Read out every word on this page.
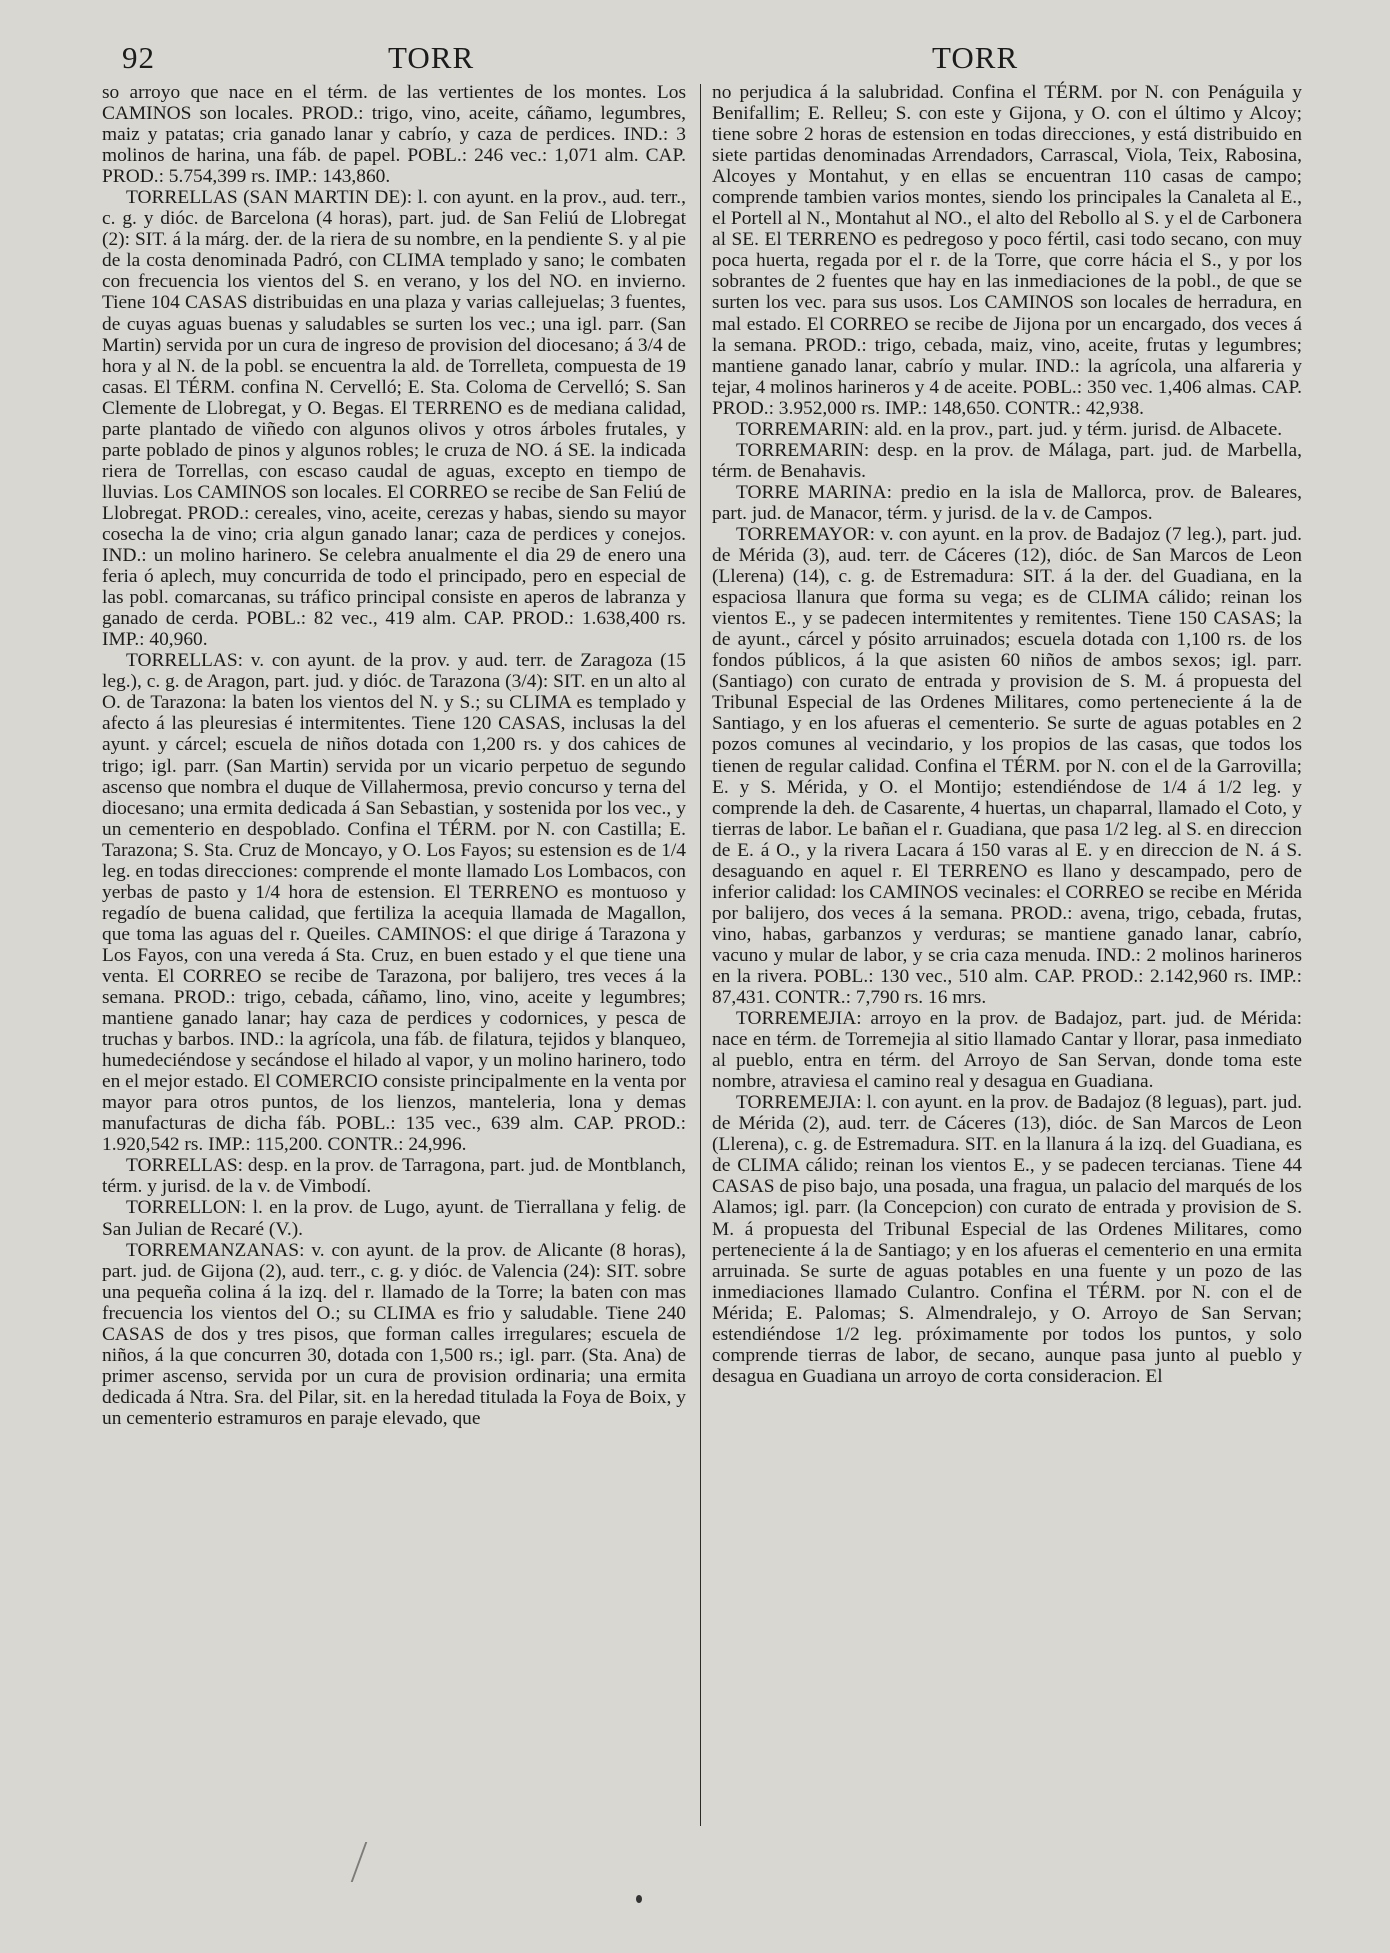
92	TORR	TORR

so arroyo que nace en el térm. de las vertientes de los montes. Los CAMINOS son locales. PROD.: trigo, vino, aceite, cáñamo, legumbres, maiz y patatas; cria ganado lanar y cabrío, y caza de perdices. IND.: 3 molinos de harina, una fáb. de papel. POBL.: 246 vec.: 1,071 alm. CAP. PROD.: 5.754,399 rs. IMP.: 143,860.

TORRELLAS (SAN MARTIN DE): l. con ayunt. en la prov., aud. terr., c. g. y dióc. de Barcelona (4 horas), part. jud. de San Feliú de Llobregat (2): SIT. á la márg. der. de la riera de su nombre, en la pendiente S. y al pie de la costa denominada Padró, con CLIMA templado y sano; le combaten con frecuencia los vientos del S. en verano, y los del NO. en invierno. Tiene 104 CASAS distribuidas en una plaza y varias callejuelas; 3 fuentes, de cuyas aguas buenas y saludables se surten los vec.; una igl. parr. (San Martin) servida por un cura de ingreso de provision del diocesano; á 3/4 de hora y al N. de la pobl. se encuentra la ald. de Torrelleta, compuesta de 19 casas. El TÉRM. confina N. Cervelló; E. Sta. Coloma de Cervelló; S. San Clemente de Llobregat, y O. Begas. El TERRENO es de mediana calidad, parte plantado de viñedo con algunos olivos y otros árboles frutales, y parte poblado de pinos y algunos robles; le cruza de NO. á SE. la indicada riera de Torrellas, con escaso caudal de aguas, excepto en tiempo de lluvias. Los CAMINOS son locales. El CORREO se recibe de San Feliú de Llobregat. PROD.: cereales, vino, aceite, cerezas y habas, siendo su mayor cosecha la de vino; cria algun ganado lanar; caza de perdices y conejos. IND.: un molino harinero. Se celebra anualmente el dia 29 de enero una feria ó aplech, muy concurrida de todo el principado, pero en especial de las pobl. comarcanas, su tráfico principal consiste en aperos de labranza y ganado de cerda. POBL.: 82 vec., 419 alm. CAP. PROD.: 1.638,400 rs. IMP.: 40,960.

TORRELLAS: v. con ayunt. de la prov. y aud. terr. de Zaragoza (15 leg.), c. g. de Aragon, part. jud. y dióc. de Tarazona (3/4): SIT. en un alto al O. de Tarazona: la baten los vientos del N. y S.; su CLIMA es templado y afecto á las pleuresias é intermitentes. Tiene 120 CASAS, inclusas la del ayunt. y cárcel; escuela de niños dotada con 1,200 rs. y dos cahices de trigo; igl. parr. (San Martin) servida por un vicario perpetuo de segundo ascenso que nombra el duque de Villahermosa, previo concurso y terna del diocesano; una ermita dedicada á San Sebastian, y sostenida por los vec., y un cementerio en despoblado. Confina el TÉRM. por N. con Castilla; E. Tarazona; S. Sta. Cruz de Moncayo, y O. Los Fayos; su estension es de 1/4 leg. en todas direcciones: comprende el monte llamado Los Lombacos, con yerbas de pasto y 1/4 hora de estension. El TERRENO es montuoso y regadío de buena calidad, que fertiliza la acequia llamada de Magallon, que toma las aguas del r. Queiles. CAMINOS: el que dirige á Tarazona y Los Fayos, con una vereda á Sta. Cruz, en buen estado y el que tiene una venta. El CORREO se recibe de Tarazona, por balijero, tres veces á la semana. PROD.: trigo, cebada, cáñamo, lino, vino, aceite y legumbres; mantiene ganado lanar; hay caza de perdices y codornices, y pesca de truchas y barbos. IND.: la agrícola, una fáb. de filatura, tejidos y blanqueo, humedeciéndose y secándose el hilado al vapor, y un molino harinero, todo en el mejor estado. El COMERCIO consiste principalmente en la venta por mayor para otros puntos, de los lienzos, manteleria, lona y demas manufacturas de dicha fáb. POBL.: 135 vec., 639 alm. CAP. PROD.: 1.920,542 rs. IMP.: 115,200. CONTR.: 24,996.

TORRELLAS: desp. en la prov. de Tarragona, part. jud. de Montblanch, térm. y jurisd. de la v. de Vimbodí.

TORRELLON: l. en la prov. de Lugo, ayunt. de Tierrallana y felig. de San Julian de Recaré (V.).

TORREMANZANAS: v. con ayunt. de la prov. de Alicante (8 horas), part. jud. de Gijona (2), aud. terr., c. g. y dióc. de Valencia (24): SIT. sobre una pequeña colina á la izq. del r. llamado de la Torre; la baten con mas frecuencia los vientos del O.; su CLIMA es frio y saludable. Tiene 240 CASAS de dos y tres pisos, que forman calles irregulares; escuela de niños, á la que concurren 30, dotada con 1,500 rs.; igl. parr. (Sta. Ana) de primer ascenso, servida por un cura de provision ordinaria; una ermita dedicada á Ntra. Sra. del Pilar, sit. en la heredad titulada la Foya de Boix, y un cementerio estramuros en paraje elevado, que

no perjudica á la salubridad. Confina el TÉRM. por N. con Penáguila y Benifallim; E. Relleu; S. con este y Gijona, y O. con el último y Alcoy; tiene sobre 2 horas de estension en todas direcciones, y está distribuido en siete partidas denominadas Arrendadors, Carrascal, Viola, Teix, Rabosina, Alcoyes y Montahut, y en ellas se encuentran 110 casas de campo; comprende tambien varios montes, siendo los principales la Canaleta al E., el Portell al N., Montahut al NO., el alto del Rebollo al S. y el de Carbonera al SE. El TERRENO es pedregoso y poco fértil, casi todo secano, con muy poca huerta, regada por el r. de la Torre, que corre hácia el S., y por los sobrantes de 2 fuentes que hay en las inmediaciones de la pobl., de que se surten los vec. para sus usos. Los CAMINOS son locales de herradura, en mal estado. El CORREO se recibe de Jijona por un encargado, dos veces á la semana. PROD.: trigo, cebada, maiz, vino, aceite, frutas y legumbres; mantiene ganado lanar, cabrío y mular. IND.: la agrícola, una alfareria y tejar, 4 molinos harineros y 4 de aceite. POBL.: 350 vec. 1,406 almas. CAP. PROD.: 3.952,000 rs. IMP.: 148,650. CONTR.: 42,938.

TORREMARIN: ald. en la prov., part. jud. y térm. jurisd. de Albacete.

TORREMARIN: desp. en la prov. de Málaga, part. jud. de Marbella, térm. de Benahavis.

TORRE MARINA: predio en la isla de Mallorca, prov. de Baleares, part. jud. de Manacor, térm. y jurisd. de la v. de Campos.

TORREMAYOR: v. con ayunt. en la prov. de Badajoz (7 leg.), part. jud. de Mérida (3), aud. terr. de Cáceres (12), dióc. de San Marcos de Leon (Llerena) (14), c. g. de Estremadura: SIT. á la der. del Guadiana, en la espaciosa llanura que forma su vega; es de CLIMA cálido; reinan los vientos E., y se padecen intermitentes y remitentes. Tiene 150 CASAS; la de ayunt., cárcel y pósito arruinados; escuela dotada con 1,100 rs. de los fondos públicos, á la que asisten 60 niños de ambos sexos; igl. parr. (Santiago) con curato de entrada y provision de S. M. á propuesta del Tribunal Especial de las Ordenes Militares, como perteneciente á la de Santiago, y en los afueras el cementerio. Se surte de aguas potables en 2 pozos comunes al vecindario, y los propios de las casas, que todos los tienen de regular calidad. Confina el TÉRM. por N. con el de la Garrovilla; E. y S. Mérida, y O. el Montijo; estendiéndose de 1/4 á 1/2 leg. y comprende la deh. de Casarente, 4 huertas, un chaparral, llamado el Coto, y tierras de labor. Le bañan el r. Guadiana, que pasa 1/2 leg. al S. en direccion de E. á O., y la rivera Lacara á 150 varas al E. y en direccion de N. á S. desaguando en aquel r. El TERRENO es llano y descampado, pero de inferior calidad: los CAMINOS vecinales: el CORREO se recibe en Mérida por balijero, dos veces á la semana. PROD.: avena, trigo, cebada, frutas, vino, habas, garbanzos y verduras; se mantiene ganado lanar, cabrío, vacuno y mular de labor, y se cria caza menuda. IND.: 2 molinos harineros en la rivera. POBL.: 130 vec., 510 alm. CAP. PROD.: 2.142,960 rs. IMP.: 87,431. CONTR.: 7,790 rs. 16 mrs.

TORREMEJIA: arroyo en la prov. de Badajoz, part. jud. de Mérida: nace en térm. de Torremejia al sitio llamado Cantar y llorar, pasa inmediato al pueblo, entra en térm. del Arroyo de San Servan, donde toma este nombre, atraviesa el camino real y desagua en Guadiana.

TORREMEJIA: l. con ayunt. en la prov. de Badajoz (8 leguas), part. jud. de Mérida (2), aud. terr. de Cáceres (13), dióc. de San Marcos de Leon (Llerena), c. g. de Estremadura. SIT. en la llanura á la izq. del Guadiana, es de CLIMA cálido; reinan los vientos E., y se padecen tercianas. Tiene 44 CASAS de piso bajo, una posada, una fragua, un palacio del marqués de los Alamos; igl. parr. (la Concepcion) con curato de entrada y provision de S. M. á propuesta del Tribunal Especial de las Ordenes Militares, como perteneciente á la de Santiago; y en los afueras el cementerio en una ermita arruinada. Se surte de aguas potables en una fuente y un pozo de las inmediaciones llamado Culantro. Confina el TÉRM. por N. con el de Mérida; E. Palomas; S. Almendralejo, y O. Arroyo de San Servan; estendiéndose 1/2 leg. próximamente por todos los puntos, y solo comprende tierras de labor, de secano, aunque pasa junto al pueblo y desagua en Guadiana un arroyo de corta consideracion. El
